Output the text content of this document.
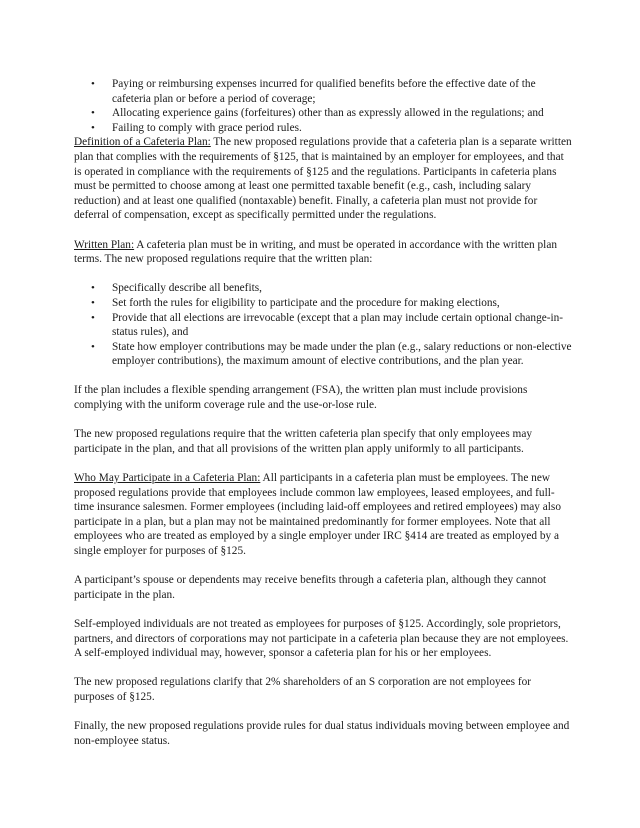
• Paying or reimbursing expenses incurred for qualified benefits before the effective date of the cafeteria plan or before a period of coverage;
• Allocating experience gains (forfeitures) other than as expressly allowed in the regulations; and
• Failing to comply with grace period rules.

Definition of a Cafeteria Plan: The new proposed regulations provide that a cafeteria plan is a separate written plan that complies with the requirements of §125, that is maintained by an employer for employees, and that is operated in compliance with the requirements of §125 and the regulations. Participants in cafeteria plans must be permitted to choose among at least one permitted taxable benefit (e.g., cash, including salary reduction) and at least one qualified (nontaxable) benefit. Finally, a cafeteria plan must not provide for deferral of compensation, except as specifically permitted under the regulations.

Written Plan: A cafeteria plan must be in writing, and must be operated in accordance with the written plan terms. The new proposed regulations require that the written plan:

• Specifically describe all benefits,
• Set forth the rules for eligibility to participate and the procedure for making elections,
• Provide that all elections are irrevocable (except that a plan may include certain optional change-in-status rules), and
• State how employer contributions may be made under the plan (e.g., salary reductions or non-elective employer contributions), the maximum amount of elective contributions, and the plan year.

If the plan includes a flexible spending arrangement (FSA), the written plan must include provisions complying with the uniform coverage rule and the use-or-lose rule.

The new proposed regulations require that the written cafeteria plan specify that only employees may participate in the plan, and that all provisions of the written plan apply uniformly to all participants.

Who May Participate in a Cafeteria Plan: All participants in a cafeteria plan must be employees. The new proposed regulations provide that employees include common law employees, leased employees, and full-time insurance salesmen. Former employees (including laid-off employees and retired employees) may also participate in a plan, but a plan may not be maintained predominantly for former employees. Note that all employees who are treated as employed by a single employer under IRC §414 are treated as employed by a single employer for purposes of §125.

A participant’s spouse or dependents may receive benefits through a cafeteria plan, although they cannot participate in the plan.

Self-employed individuals are not treated as employees for purposes of §125. Accordingly, sole proprietors, partners, and directors of corporations may not participate in a cafeteria plan because they are not employees. A self-employed individual may, however, sponsor a cafeteria plan for his or her employees.

The new proposed regulations clarify that 2% shareholders of an S corporation are not employees for purposes of §125.

Finally, the new proposed regulations provide rules for dual status individuals moving between employee and non-employee status.
